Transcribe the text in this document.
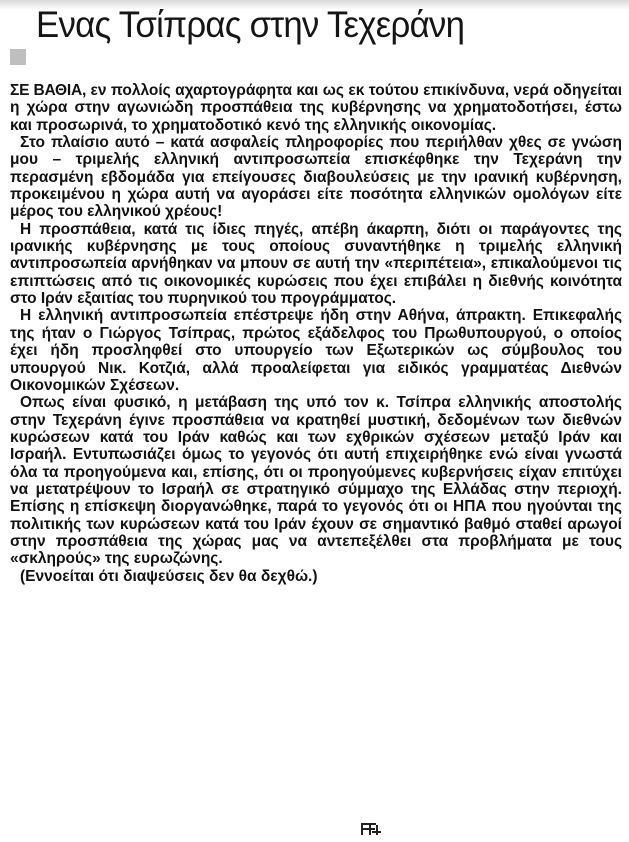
Ενας Τσίπρας στην Τεχεράνη

ΣΕ ΒΑΘΙΑ, εν πολλοίς αχαρτογράφητα και ως εκ τούτου επικίνδυνα, νερά οδηγείται η χώρα στην αγωνιώδη προσπάθεια της κυβέρνησης να χρηματοδοτήσει, έστω και προσωρινά, το χρηματοδοτικό κενό της ελληνικής οικονομίας.

Στο πλαίσιο αυτό – κατά ασφαλείς πληροφορίες που περιήλθαν χθες σε γνώση μου – τριμελής ελληνική αντιπροσωπεία επισκέφθηκε την Τεχεράνη την περασμένη εβδομάδα για επείγουσες διαβουλεύσεις με την ιρανική κυβέρνηση, προκειμένου η χώρα αυτή να αγοράσει είτε ποσότητα ελληνικών ομολόγων είτε μέρος του ελληνικού χρέους!

Η προσπάθεια, κατά τις ίδιες πηγές, απέβη άκαρπη, διότι οι παράγοντες της ιρανικής κυβέρνησης με τους οποίους συναντήθηκε η τριμελής ελληνική αντιπροσωπεία αρνήθηκαν να μπουν σε αυτή την «περιπέτεια», επικαλούμενοι τις επιπτώσεις από τις οικονομικές κυρώσεις που έχει επιβάλει η διεθνής κοινότητα στο Ιράν εξαιτίας του πυρηνικού του προγράμματος.

Η ελληνική αντιπροσωπεία επέστρεψε ήδη στην Αθήνα, άπρακτη. Επικεφαλής της ήταν ο Γιώργος Τσίπρας, πρώτος εξάδελφος του Πρωθυπουργού, ο οποίος έχει ήδη προσληφθεί στο υπουργείο των Εξωτερικών ως σύμβουλος του υπουργού Νικ. Κοτζιά, αλλά προαλείφεται για ειδικός γραμματέας Διεθνών Οικονομικών Σχέσεων.

Οπως είναι φυσικό, η μετάβαση της υπό τον κ. Τσίπρα ελληνικής αποστολής στην Τεχεράνη έγινε προσπάθεια να κρατηθεί μυστική, δεδομένων των διεθνών κυρώσεων κατά του Ιράν καθώς και των εχθρικών σχέσεων μεταξύ Ιράν και Ισραήλ. Εντυπωσιάζει όμως το γεγονός ότι αυτή επιχειρήθηκε ενώ είναι γνωστά όλα τα προηγούμενα και, επίσης, ότι οι προηγούμενες κυβερνήσεις είχαν επιτύχει να μετατρέψουν το Ισραήλ σε στρατηγικό σύμμαχο της Ελλάδας στην περιοχή. Επίσης η επίσκεψη διοργανώθηκε, παρά το γεγονός ότι οι ΗΠΑ που ηγούνται της πολιτικής των κυρώσεων κατά του Ιράν έχουν σε σημαντικό βαθμό σταθεί αρωγοί στην προσπάθεια της χώρας μας να αντεπεξέλθει στα προβλήματα με τους «σκληρούς» της ευρωζώνης.

(Εννοείται ότι διαψεύσεις δεν θα δεχθώ.)
